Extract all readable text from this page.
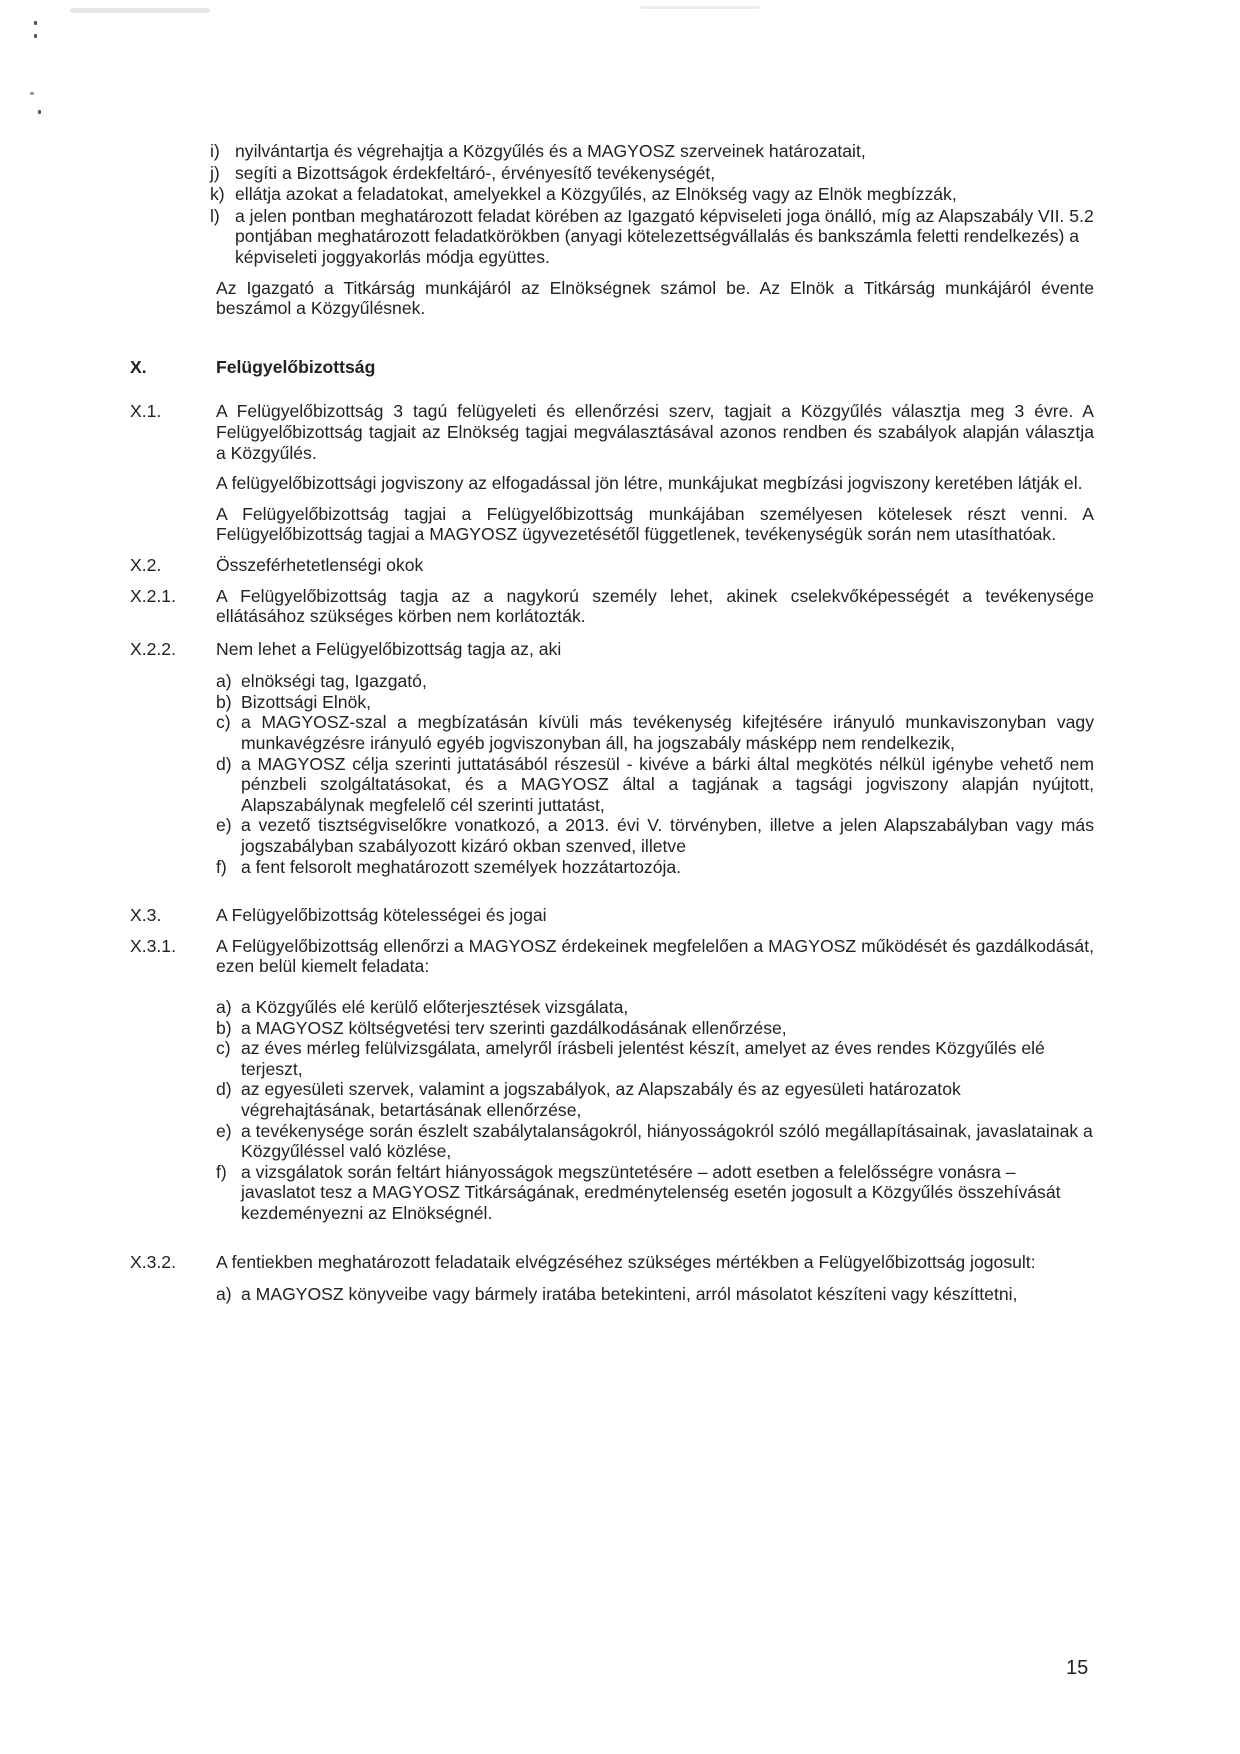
i) nyilvántartja és végrehajtja a Közgyűlés és a MAGYOSZ szerveinek határozatait,
j) segíti a Bizottságok érdekfeltáró-, érvényesítő tevékenységét,
k) ellátja azokat a feladatokat, amelyekkel a Közgyűlés, az Elnökség vagy az Elnök megbízzák,
l) a jelen pontban meghatározott feladat körében az Igazgató képviseleti joga önálló, míg az Alapszabály VII. 5.2 pontjában meghatározott feladatkörökben (anyagi kötelezettségvállalás és bankszámla feletti rendelkezés) a képviseleti joggyakorlás módja együttes.
Az Igazgató a Titkárság munkájáról az Elnökségnek számol be. Az Elnök a Titkárság munkájáról évente beszámol a Közgyűlésnek.
X.	Felügyelőbizottság
X.1.	A Felügyelőbizottság 3 tagú felügyeleti és ellenőrzési szerv, tagjait a Közgyűlés választja meg 3 évre. A Felügyelőbizottság tagjait az Elnökség tagjai megválasztásával azonos rendben és szabályok alapján választja a Közgyűlés.
A felügyelőbizottsági jogviszony az elfogadással jön létre, munkájukat megbízási jogviszony keretében látják el.
A Felügyelőbizottság tagjai a Felügyelőbizottság munkájában személyesen kötelesek részt venni. A Felügyelőbizottság tagjai a MAGYOSZ ügyvezetésétől függetlenek, tevékenységük során nem utasíthatóak.
X.2.	Összeférhetetlenségi okok
X.2.1.	A Felügyelőbizottság tagja az a nagykorú személy lehet, akinek cselekvőképességét a tevékenysége ellátásához szükséges körben nem korlátozták.
X.2.2.	Nem lehet a Felügyelőbizottság tagja az, aki
a) elnökségi tag, Igazgató,
b) Bizottsági Elnök,
c) a MAGYOSZ-szal a megbízatásán kívüli más tevékenység kifejtésére irányuló munkaviszonyban vagy munkavégzésre irányuló egyéb jogviszonyban áll, ha jogszabály másképp nem rendelkezik,
d) a MAGYOSZ célja szerinti juttatásából részesül - kivéve a bárki által megkötés nélkül igénybe vehető nem pénzbeli szolgáltatásokat, és a MAGYOSZ által a tagjának a tagsági jogviszony alapján nyújtott, Alapszabálynak megfelelő cél szerinti juttatást,
e) a vezető tisztségviselőkre vonatkozó, a 2013. évi V. törvényben, illetve a jelen Alapszabályban vagy más jogszabályban szabályozott kizáró okban szenved, illetve
f) a fent felsorolt meghatározott személyek hozzátartozója.
X.3.	A Felügyelőbizottság kötelességei és jogai
X.3.1.	A Felügyelőbizottság ellenőrzi a MAGYOSZ érdekeinek megfelelően a MAGYOSZ működését és gazdálkodását, ezen belül kiemelt feladata:
a) a Közgyűlés elé kerülő előterjesztések vizsgálata,
b) a MAGYOSZ költségvetési terv szerinti gazdálkodásának ellenőrzése,
c) az éves mérleg felülvizsgálata, amelyről írásbeli jelentést készít, amelyet az éves rendes Közgyűlés elé terjeszt,
d) az egyesületi szervek, valamint a jogszabályok, az Alapszabály és az egyesületi határozatok végrehajtásának, betartásának ellenőrzése,
e) a tevékenysége során észlelt szabálytalanságokról, hiányosságokról szóló megállapításainak, javaslatainak a Közgyűléssel való közlése,
f) a vizsgálatok során feltárt hiányosságok megszüntetésére – adott esetben a felelősségre vonásra – javaslatot tesz a MAGYOSZ Titkárságának, eredménytelenség esetén jogosult a Közgyűlés összehívását kezdeményezni az Elnökségnél.
X.3.2.	A fentiekben meghatározott feladataik elvégzéséhez szükséges mértékben a Felügyelőbizottság jogosult:
a) a MAGYOSZ könyveibe vagy bármely iratába betekinteni, arról másolatot készíteni vagy készíttetni,
15
